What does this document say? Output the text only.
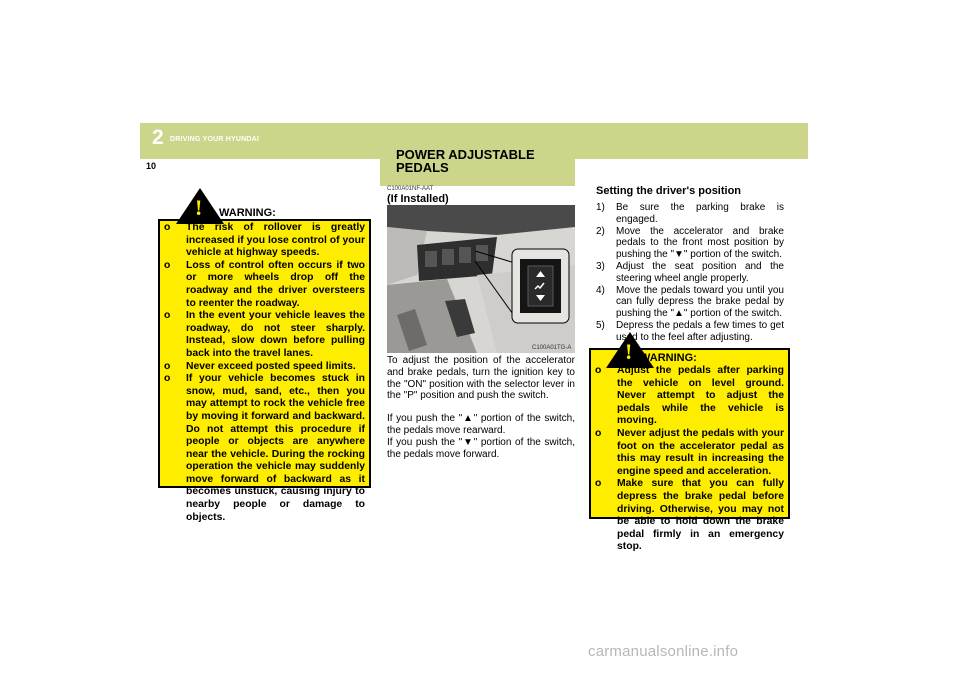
2 DRIVING YOUR HYUNDAI
10
POWER ADJUSTABLE PEDALS
! WARNING:
o The risk of rollover is greatly increased if you lose control of your vehicle at highway speeds.
o Loss of control often occurs if two or more wheels drop off the roadway and the driver oversteers to reenter the roadway.
o In the event your vehicle leaves the roadway, do not steer sharply. Instead, slow down before pulling back into the travel lanes.
o Never exceed posted speed limits.
o If your vehicle becomes stuck in snow, mud, sand, etc., then you may attempt to rock the vehicle free by moving it forward and backward. Do not attempt this procedure if people or objects are anywhere near the vehicle. During the rocking operation the vehicle may suddenly move forward of backward as it becomes unstuck, causing injury to nearby people or damage to objects.
C100A01NF-AAT
(If Installed)
C100A01TG-A

To adjust the position of the accelerator and brake pedals, turn the ignition key to the "ON" position with the selector lever in the "P" position and push the switch.

If you push the "▲" portion of the switch, the pedals move rearward.

If you push the "▼" portion of the switch, the pedals move forward.

Setting the driver's position
1) Be sure the parking brake is engaged.
2) Move the accelerator and brake pedals to the front most position by pushing the "▼" portion of the switch.
3) Adjust the seat position and the steering wheel angle properly.
4) Move the pedals toward you until you can fully depress the brake pedal by pushing the "▲" portion of the switch.
5) Depress the pedals a few times to get used to the feel after adjusting.
! WARNING:
o Adjust the pedals after parking the vehicle on level ground. Never attempt to adjust the pedals while the vehicle is moving.
o Never adjust the pedals with your foot on the accelerator pedal as this may result in increasing the engine speed and acceleration.
o Make sure that you can fully depress the brake pedal before driving. Otherwise, you may not be able to hold down the brake pedal firmly in an emergency stop.
carmanualsonline.info
